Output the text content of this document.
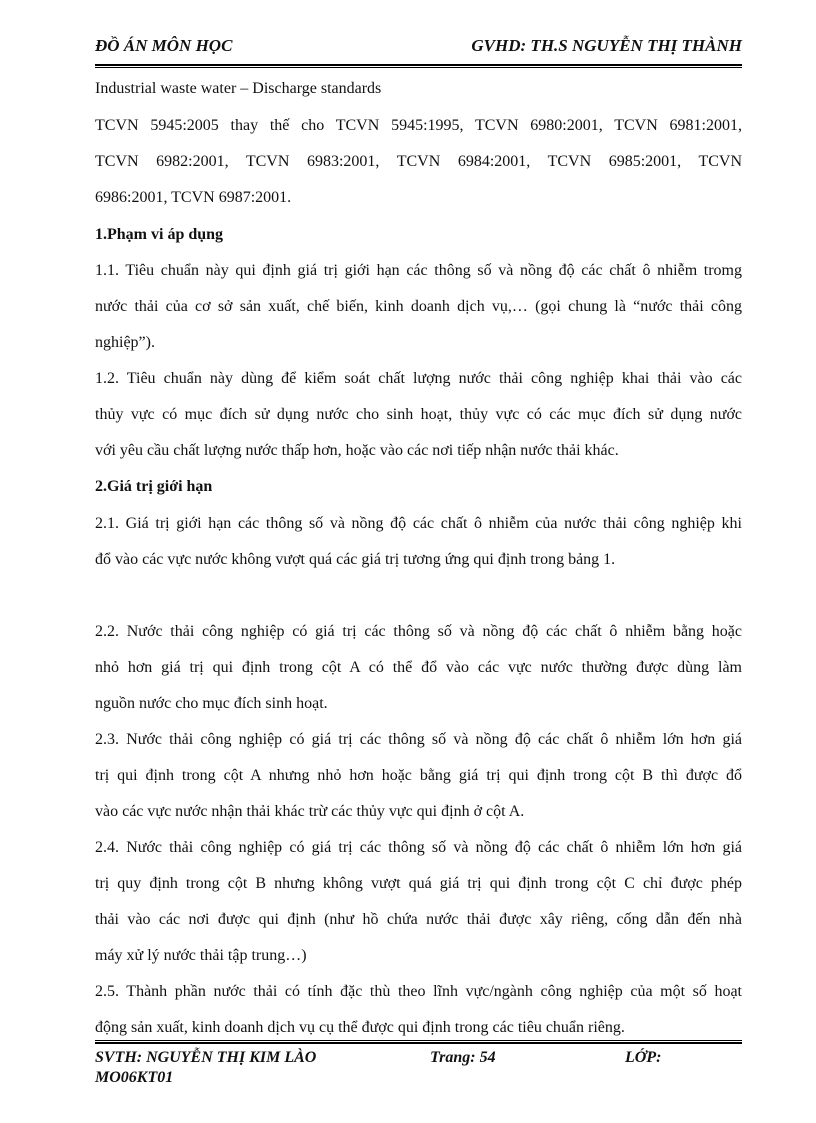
ĐỒ ÁN MÔN HỌC	GVHD: TH.S NGUYỄN THỊ THÀNH
Industrial waste water – Discharge standards
TCVN 5945:2005 thay thế cho TCVN 5945:1995, TCVN 6980:2001, TCVN 6981:2001,
TCVN 6982:2001, TCVN 6983:2001, TCVN 6984:2001, TCVN 6985:2001, TCVN
6986:2001, TCVN 6987:2001.
1.Phạm vi áp dụng
1.1. Tiêu chuẩn này qui định giá trị giới hạn các thông số và nồng độ các chất ô nhiễm tromg
nước thải của cơ sở sản xuất, chế biến, kinh doanh dịch vụ,… (gọi chung là “nước thải công
nghiệp”).
1.2. Tiêu chuẩn này dùng để kiểm soát chất lượng nước thải công nghiệp khai thải vào các
thủy vực có mục đích sử dụng nước cho sinh hoạt, thủy vực có các mục đích sử dụng nước
với yêu cầu chất lượng nước thấp hơn, hoặc vào các nơi tiếp nhận nước thải khác.
2.Giá trị giới hạn
2.1. Giá trị giới hạn các thông số và nồng độ các chất ô nhiễm của nước thải công nghiệp khi
đổ vào các vực nước không vượt quá các giá trị tương ứng qui định trong bảng 1.
2.2. Nước thải công nghiệp có giá trị các thông số và nồng độ các chất ô nhiễm bằng hoặc
nhỏ hơn giá trị qui định trong cột A có thể đổ vào các vực nước thường được dùng làm
nguồn nước cho mục đích sinh hoạt.
2.3. Nước thải công nghiệp có giá trị các thông số và nồng độ các chất ô nhiễm lớn hơn giá
trị qui định trong cột A nhưng nhỏ hơn hoặc bằng giá trị qui định trong cột B thì được đổ
vào các vực nước nhận thải khác trừ các thủy vực qui định ở cột A.
2.4. Nước thải công nghiệp có giá trị các thông số và nồng độ các chất ô nhiễm lớn hơn giá
trị quy định trong cột B nhưng không vượt quá giá trị qui định trong cột C chỉ được phép
thải vào các nơi được qui định (như hồ chứa nước thải được xây riêng, cống dẫn đến nhà
máy xử lý nước thải tập trung…)
2.5. Thành phần nước thải có tính đặc thù theo lĩnh vực/ngành công nghiệp của một số hoạt
động sản xuất, kinh doanh dịch vụ cụ thể được qui định trong các tiêu chuẩn riêng.
SVTH: NGUYỄN THỊ KIM LÀO	Trang: 54	LỚP:
MO06KT01
